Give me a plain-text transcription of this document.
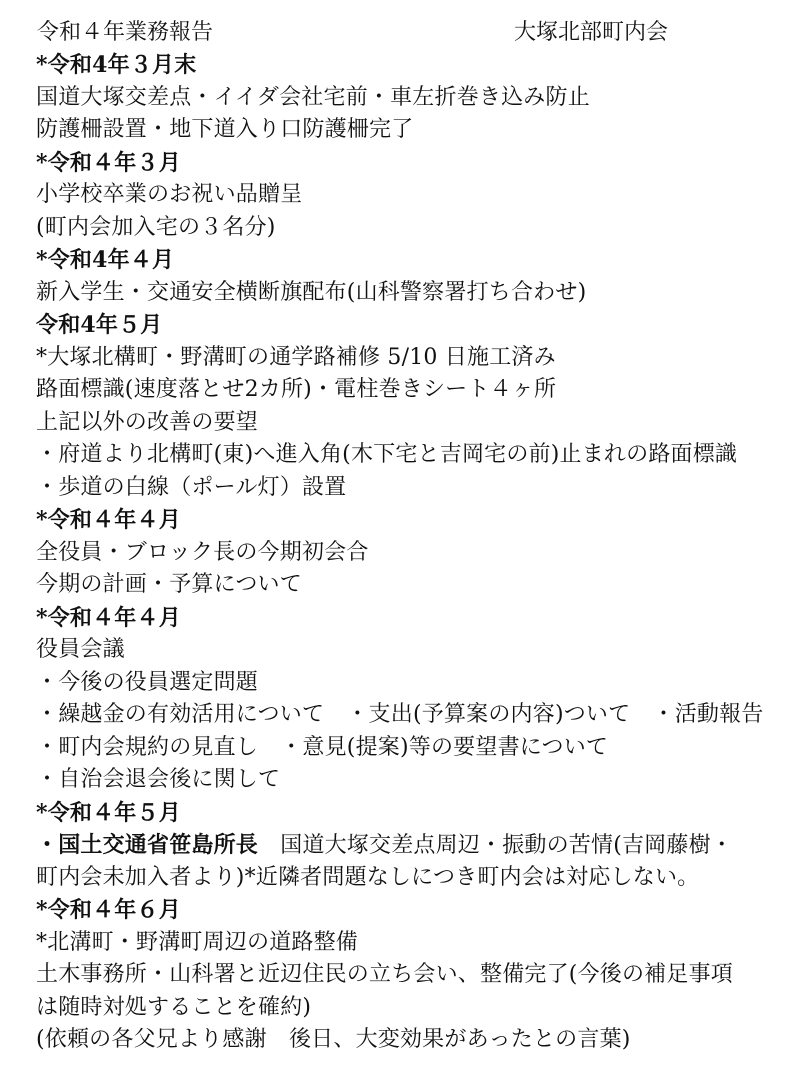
令和４年業務報告	大塚北部町内会
*令和4年３月末
国道大塚交差点・イイダ会社宅前・車左折巻き込み防止
防護柵設置・地下道入り口防護柵完了
*令和４年３月
小学校卒業のお祝い品贈呈
(町内会加入宅の３名分)
*令和4年４月
新入学生・交通安全横断旗配布(山科警察署打ち合わせ)
令和4年５月
*大塚北構町・野溝町の通学路補修 5/10 日施工済み
路面標識(速度落とせ2カ所)・電柱巻きシート４ヶ所
上記以外の改善の要望
・府道より北構町(東)へ進入角(木下宅と吉岡宅の前)止まれの路面標識
・歩道の白線（ポール灯）設置
*令和４年４月
全役員・ブロック長の今期初会合
今期の計画・予算について
*令和４年４月
役員会議
・今後の役員選定問題
・繰越金の有効活用について　・支出(予算案の内容)ついて　・活動報告
・町内会規約の見直し　・意見(提案)等の要望書について
・自治会退会後に関して
*令和４年５月
・国土交通省笹島所長　国道大塚交差点周辺・振動の苦情(吉岡藤樹・
町内会未加入者より)*近隣者問題なしにつき町内会は対応しない。
*令和４年６月
*北溝町・野溝町周辺の道路整備
土木事務所・山科署と近辺住民の立ち会い、整備完了(今後の補足事項
は随時対処することを確約)
(依頼の各父兄より感謝　後日、大変効果があったとの言葉)
